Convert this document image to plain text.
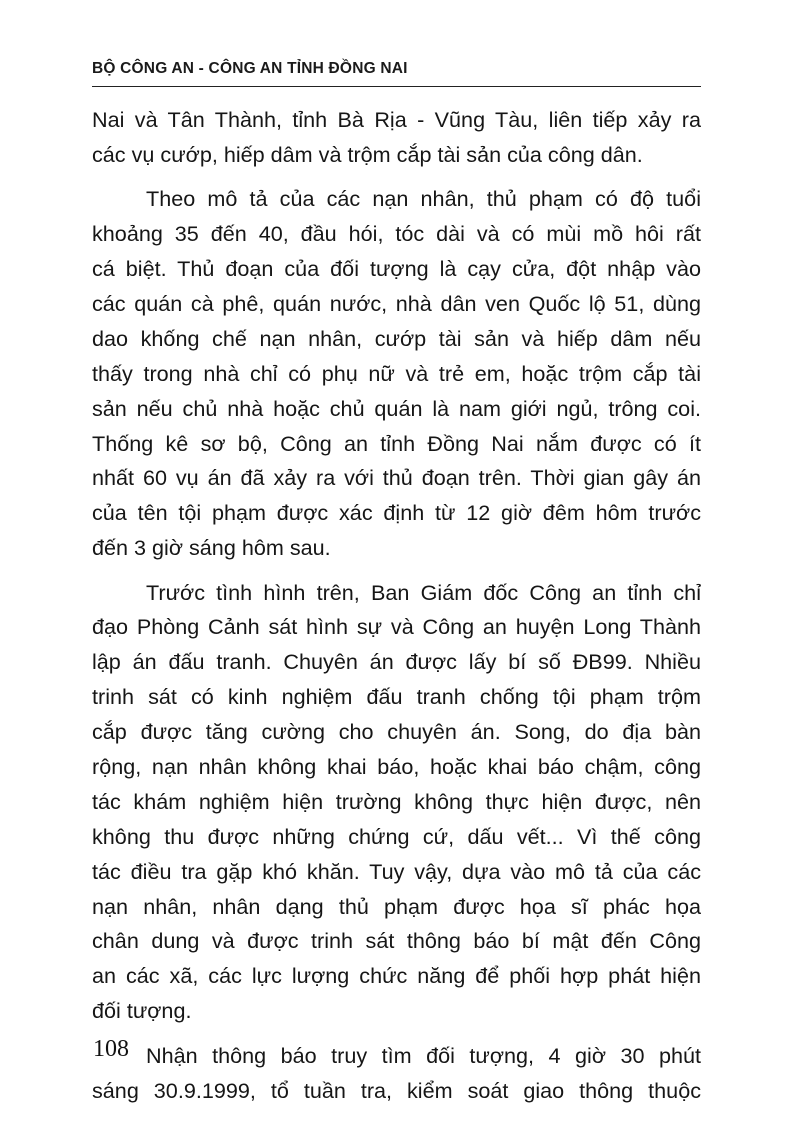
BỘ CÔNG AN - CÔNG AN TỈNH ĐỒNG NAI
Nai và Tân Thành, tỉnh Bà Rịa - Vũng Tàu, liên tiếp xảy ra
các vụ cướp, hiếp dâm và trộm cắp tài sản của công dân.
Theo mô tả của các nạn nhân, thủ phạm có độ tuổi
khoảng 35 đến 40, đầu hói, tóc dài và có mùi mồ hôi rất
cá biệt. Thủ đoạn của đối tượng là cạy cửa, đột nhập vào
các quán cà phê, quán nước, nhà dân ven Quốc lộ 51, dùng
dao khống chế nạn nhân, cướp tài sản và hiếp dâm nếu
thấy trong nhà chỉ có phụ nữ và trẻ em, hoặc trộm cắp tài
sản nếu chủ nhà hoặc chủ quán là nam giới ngủ, trông coi.
Thống kê sơ bộ, Công an tỉnh Đồng Nai nắm được có ít
nhất 60 vụ án đã xảy ra với thủ đoạn trên. Thời gian gây án
của tên tội phạm được xác định từ 12 giờ đêm hôm trước
đến 3 giờ sáng hôm sau.
Trước tình hình trên, Ban Giám đốc Công an tỉnh chỉ
đạo Phòng Cảnh sát hình sự và Công an huyện Long Thành
lập án đấu tranh. Chuyên án được lấy bí số ĐB99. Nhiều
trinh sát có kinh nghiệm đấu tranh chống tội phạm trộm
cắp được tăng cường cho chuyên án. Song, do địa bàn
rộng, nạn nhân không khai báo, hoặc khai báo chậm, công
tác khám nghiệm hiện trường không thực hiện được, nên
không thu được những chứng cứ, dấu vết... Vì thế công
tác điều tra gặp khó khăn. Tuy vậy, dựa vào mô tả của các
nạn nhân, nhân dạng thủ phạm được họa sĩ phác họa
chân dung và được trinh sát thông báo bí mật đến Công
an các xã, các lực lượng chức năng để phối hợp phát hiện
đối tượng.
Nhận thông báo truy tìm đối tượng, 4 giờ 30 phút
sáng 30.9.1999, tổ tuần tra, kiểm soát giao thông thuộc
108
